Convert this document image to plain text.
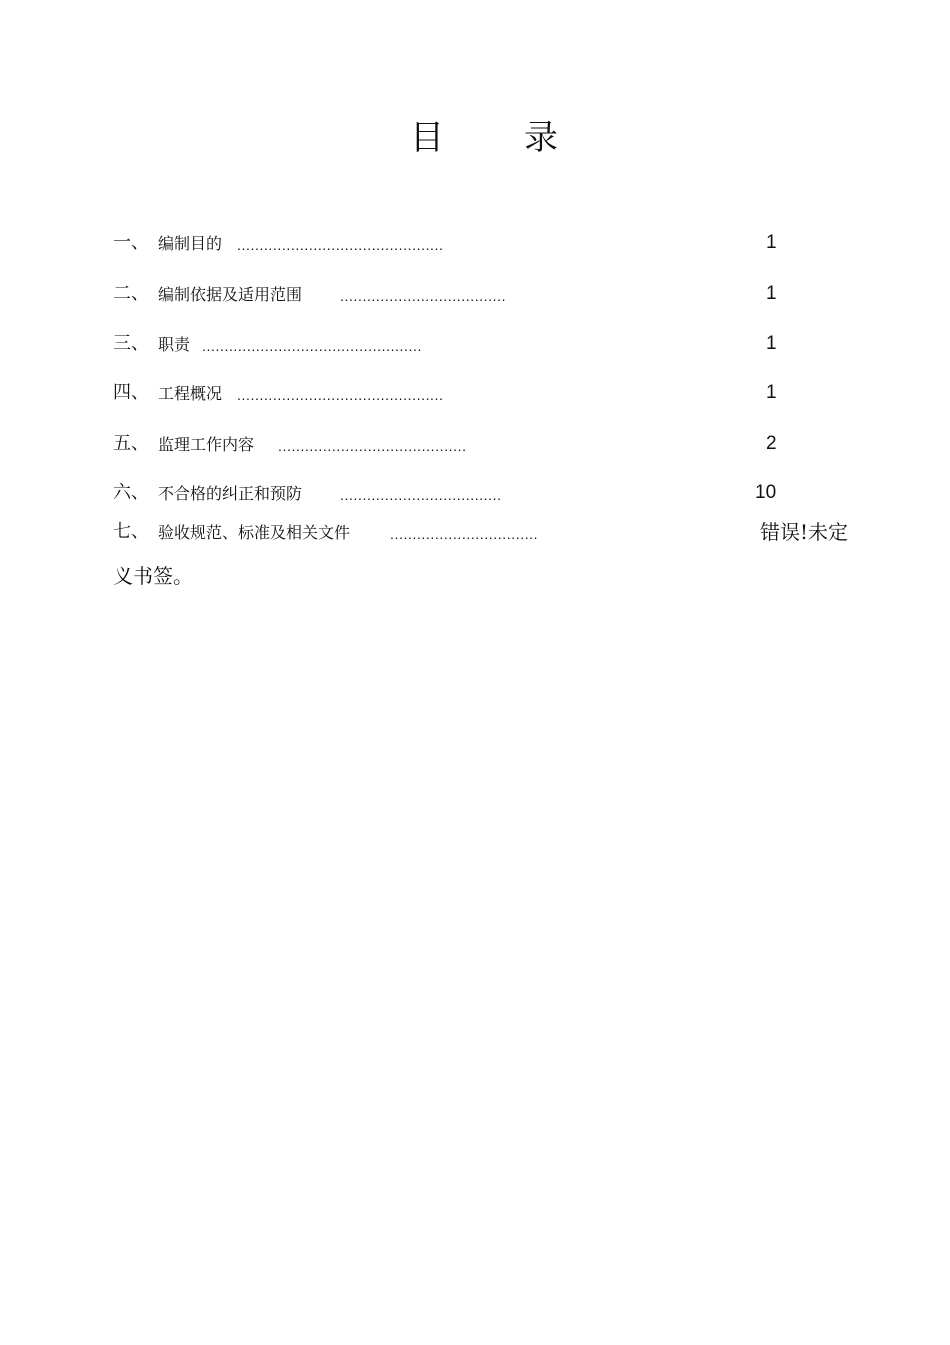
目 录
一、 编制目的 ..............................................	1
二、 编制依据及适用范围	.....................................	1
三、 职责 .................................................	1
四、 工程概况 ..............................................	1
五、 监理工作内容 ..........................................	2
六、 不合格的纠正和预防	....................................	10
七、 验收规范、标准及相关文件	.................................	错误!未定
义书签。
